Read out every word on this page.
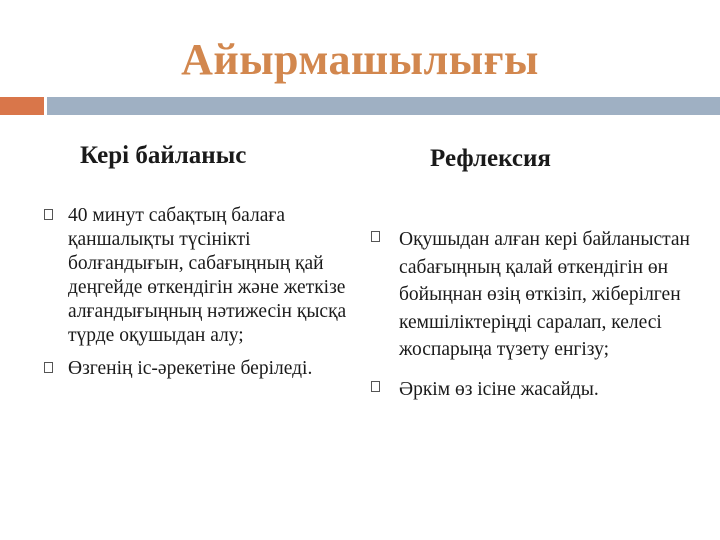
Айырмашылығы
Кері байланыс	Рефлексия
40 минут сабақтың балаға қаншалықты түсінікті болғандығын, сабағыңның қай деңгейде өткендігін және жеткізе алғандығыңның нәтижесін қысқа түрде оқушыдан алу;
Өзгенің іс-әрекетіне беріледі.
Оқушыдан алған кері байланыстан сабағыңның қалай өткендігін өн бойыңнан өзің өткізіп, жіберілген кемшіліктеріңді саралап, келесі жоспарыңа түзету енгізу;
Әркім өз ісіне жасайды.
